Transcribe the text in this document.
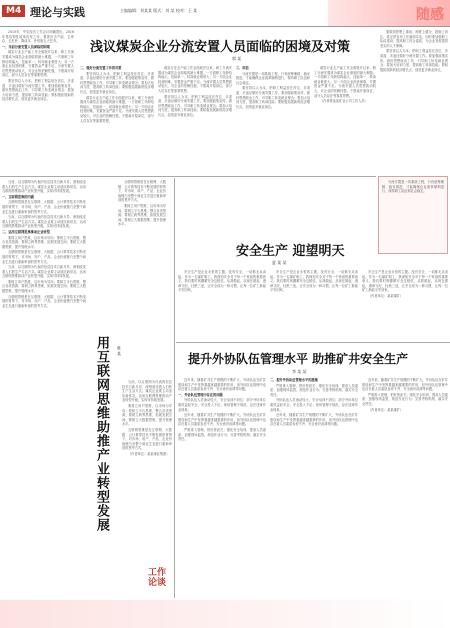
M4 理论与实践	主编编辑：刘某某 版式：刘 某 校对：王 某	随感

2015年，中央经济工作会议明确提出，2016年是结构性改革攻坚之年，要抓好去产能、去库存、去杠杆、降成本、补短板五大任务。

一、当前分流安置人员面临的困境

煤炭行业去产能工作全面展开以来，职工分流安置成为煤炭企业面临的最大难题。一方面职工年龄结构偏大，技能单一，转岗就业难度大；另一方面企业经营困难，安置资金严重不足。分流安置人员思想波动较大，对企业的依赖性强，不愿离开原岗位，部分人员存在等靠要思想。

要坚持以人为本，把职工利益放在首位，多渠道、多途径做好分流安置工作。要加强政策宣传，做好思想政治工作，引导职工转变就业观念；要加大培训力度，提高职工转岗技能；要积极拓展新的经济增长点，创造更多就业岗位。

浅议煤炭企业分流安置人员面临的困境及对策
郭 某

二、做好分流安置工作的对策

要坚持以人为本，把职工利益放在首位，多渠道、多途径做好分流安置工作。要加强政策宣传，做好思想政治工作，引导职工转变就业观念；要加大培训力度，提高职工转岗技能；要积极拓展新的经济增长点，创造更多就业岗位。

煤炭行业去产能工作全面展开以来，职工分流安置成为煤炭企业面临的最大难题。一方面职工年龄结构偏大，技能单一，转岗就业难度大；另一方面企业经营困难，安置资金严重不足。分流安置人员思想波动较大，对企业的依赖性强，不愿离开原岗位，部分人员存在等靠要思想。

煤炭行业去产能工作全面展开以来，职工分流安置成为煤炭企业面临的最大难题。一方面职工年龄结构偏大，技能单一，转岗就业难度大；另一方面企业经营困难，安置资金严重不足。分流安置人员思想波动较大，对企业的依赖性强，不愿离开原岗位，部分人员存在等靠要思想。

要坚持以人为本，把职工利益放在首位，多渠道、多途径做好分流安置工作。要加强政策宣传，做好思想政治工作，引导职工转变就业观念；要加大培训力度，提高职工转岗技能；要积极拓展新的经济增长点，创造更多就业岗位。

三、结语

分流安置是一项系统工程，只有统筹兼顾、稳妥推进，才能确保企业改革顺利进行，保持职工队伍和社会稳定。

要坚持以人为本，把职工利益放在首位，多渠道、多途径做好分流安置工作。要加强政策宣传，做好思想政治工作，引导职工转变就业观念；要加大培训力度，提高职工转岗技能；要积极拓展新的经济增长点，创造更多就业岗位。

煤炭行业去产能工作全面展开以来，职工分流安置成为煤炭企业面临的最大难题。一方面职工年龄结构偏大，技能单一，转岗就业难度大；另一方面企业经营困难，安置资金严重不足。分流安置人员思想波动较大，对企业的依赖性强，不愿离开原岗位，部分人员存在等靠要思想。

（作者系某某矿业公司工作人员）

要做到思想上重视、制度上健全、措施上到位，真正把各项工作落到实处。同时要加强职工队伍建设，提高职工综合素质，为企业发展提供坚实的人才保障。

要坚持以人为本，把职工利益放在首位，多渠道、多途径做好分流安置工作。要加强政策宣传，做好思想政治工作，引导职工转变就业观念；要加大培训力度，提高职工转岗技能；要积极拓展新的经济增长点，创造更多就业岗位。

分流安置是一项系统工程，只有统筹兼顾、稳妥推进，才能确保企业改革顺利进行，保持职工队伍和社会稳定。

当前，以互联网为代表的信息技术日新月异，深刻改变着人们的生产生活方式。煤炭企业要主动适应新常态，运用互联网思维推动产业转型升级，实现可持续发展。

一、互联网思维的内涵

互联网思维是在互联网、大数据、云计算等技术不断发展的背景下，对市场、用户、产品、企业价值链乃至整个商业生态进行重新审视的思考方式。

当前，以互联网为代表的信息技术日新月异，深刻改变着人们的生产生活方式。煤炭企业要主动适应新常态，运用互联网思维推动产业转型升级，实现可持续发展。

二、运用互联网思维推动企业转型

要树立用户思维，以市场为导向；要树立平台思维，整合各类资源；要树立跨界思维，拓展发展空间；要树立大数据思维，提升管理水平。

互联网思维是在互联网、大数据、云计算等技术不断发展的背景下，对市场、用户、产品、企业价值链乃至整个商业生态进行重新审视的思考方式。

当前，以互联网为代表的信息技术日新月异，深刻改变着人们的生产生活方式。煤炭企业要主动适应新常态，运用互联网思维推动产业转型升级，实现可持续发展。

要树立用户思维，以市场为导向；要树立平台思维，整合各类资源；要树立跨界思维，拓展发展空间；要树立大数据思维，提升管理水平。

互联网思维是在互联网、大数据、云计算等技术不断发展的背景下，对市场、用户、产品、企业价值链乃至整个商业生态进行重新审视的思考方式。

用互联网思维助推产业转型发展	陈 某

互联网思维是在互联网、大数据、云计算等技术不断发展的背景下，对市场、用户、产品、企业价值链乃至整个商业生态进行重新审视的思考方式。

要树立用户思维，以市场为导向；要树立平台思维，整合各类资源；要树立跨界思维，拓展发展空间；要树立大数据思维，提升管理水平。

当前，以互联网为代表的信息技术日新月异，深刻改变着人们的生产生活方式。煤炭企业要主动适应新常态，运用互联网思维推动产业转型升级，实现可持续发展。

要树立用户思维，以市场为导向；要树立平台思维，整合各类资源；要树立跨界思维，拓展发展空间；要树立大数据思维，提升管理水平。

互联网思维是在互联网、大数据、云计算等技术不断发展的背景下，对市场、用户、产品、企业价值链乃至整个商业生态进行重新审视的思考方式。

（作者单位：某某煤业集团）

工作
论谈
安全生产 迎望明天
夏 某 某

安全生产是企业永恒的主题。没有安全，一切都无从谈起。作为一名煤矿职工，我深知安全对于每一个家庭的重要意义。我们要时刻绷紧安全这根弦，从我做起，从现在做起，遵章守纪，杜绝三违，让安全成为一种习惯，让每一位矿工都能平安回家。

安全生产是企业永恒的主题。没有安全，一切都无从谈起。作为一名煤矿职工，我深知安全对于每一个家庭的重要意义。我们要时刻绷紧安全这根弦，从我做起，从现在做起，遵章守纪，杜绝三违，让安全成为一种习惯，让每一位矿工都能平安回家。

安全生产是企业永恒的主题。没有安全，一切都无从谈起。作为一名煤矿职工，我深知安全对于每一个家庭的重要意义。我们要时刻绷紧安全这根弦，从我做起，从现在做起，遵章守纪，杜绝三违，让安全成为一种习惯，让每一位矿工都能平安回家。

（作者单位：某某煤矿）

提升外协队伍管理水平 助推矿井安全生产
李 某 某

近年来，随着矿井生产规模的不断扩大，外协队伍在矿井建设和生产中发挥着越来越重要的作用，但外协队伍管理中也存在着人员素质参差不齐、安全意识淡薄等问题。

一、外协队伍管理中存在的问题

外协队伍人员流动性大，安全培训不到位；部分外协单位重效益轻安全，安全投入不足；现场管理不规范，存在违章作业现象。

近年来，随着矿井生产规模的不断扩大，外协队伍在矿井建设和生产中发挥着越来越重要的作用，但外协队伍管理中也存在着人员素质参差不齐、安全意识淡薄等问题。

严格准入管理，把好资质关；强化安全培训，提高人员素质；加强现场监管，规范作业行为；完善考核机制，落实安全责任。

二、提升外协队伍管理水平的措施

严格准入管理，把好资质关；强化安全培训，提高人员素质；加强现场监管，规范作业行为；完善考核机制，落实安全责任。

外协队伍人员流动性大，安全培训不到位；部分外协单位重效益轻安全，安全投入不足；现场管理不规范，存在违章作业现象。

近年来，随着矿井生产规模的不断扩大，外协队伍在矿井建设和生产中发挥着越来越重要的作用，但外协队伍管理中也存在着人员素质参差不齐、安全意识淡薄等问题。

近年来，随着矿井生产规模的不断扩大，外协队伍在矿井建设和生产中发挥着越来越重要的作用，但外协队伍管理中也存在着人员素质参差不齐、安全意识淡薄等问题。

严格准入管理，把好资质关；强化安全培训，提高人员素质；加强现场监管，规范作业行为；完善考核机制，落实安全责任。

（作者单位：某某煤矿）
